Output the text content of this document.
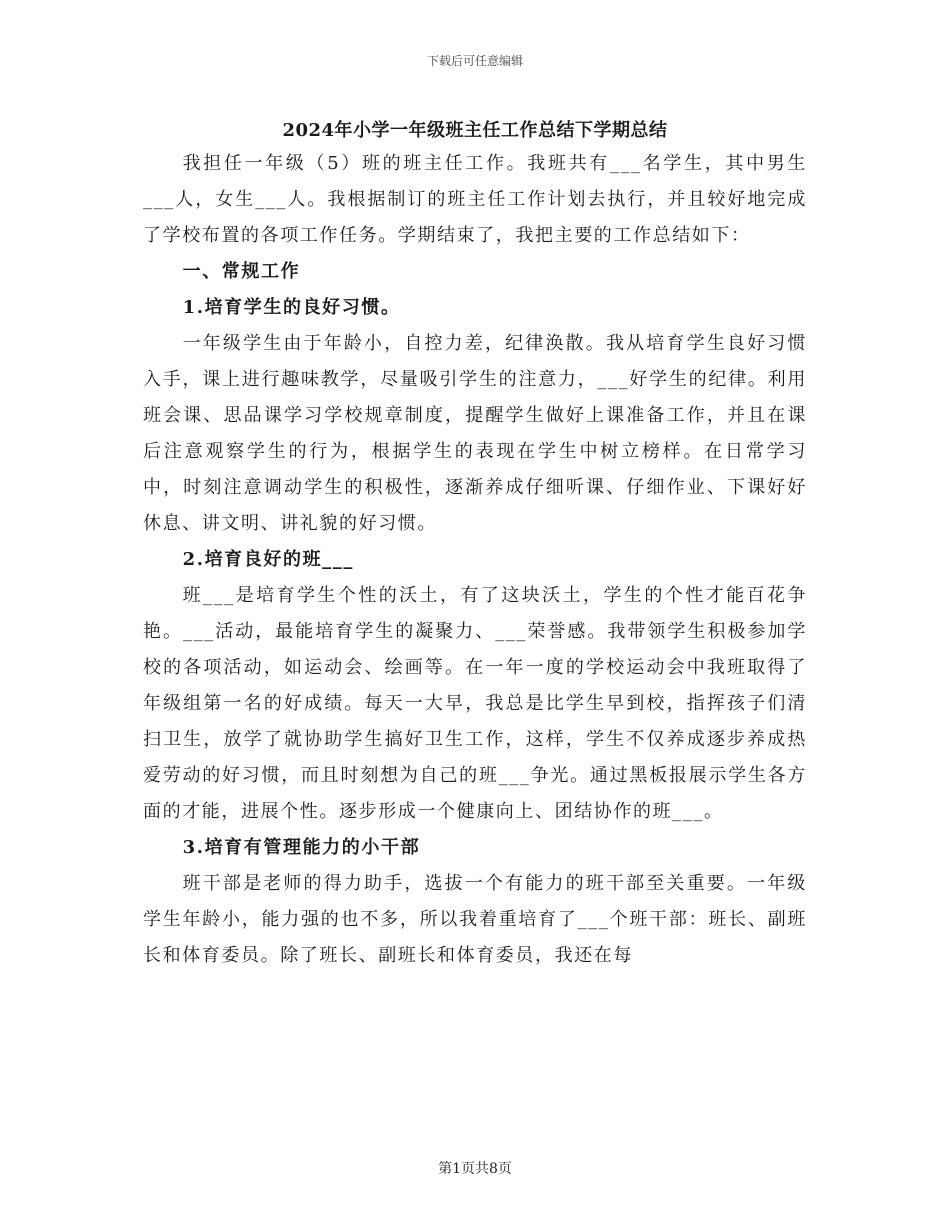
下载后可任意编辑
2024年小学一年级班主任工作总结下学期总结

我担任一年级（5）班的班主任工作。我班共有___名学生，其中男生___人，女生___人。我根据制订的班主任工作计划去执行，并且较好地完成了学校布置的各项工作任务。学期结束了，我把主要的工作总结如下：

一、常规工作

1.培育学生的良好习惯。

一年级学生由于年龄小，自控力差，纪律涣散。我从培育学生良好习惯入手，课上进行趣味教学，尽量吸引学生的注意力，___好学生的纪律。利用班会课、思品课学习学校规章制度，提醒学生做好上课准备工作，并且在课后注意观察学生的行为，根据学生的表现在学生中树立榜样。在日常学习中，时刻注意调动学生的积极性，逐渐养成仔细听课、仔细作业、下课好好休息、讲文明、讲礼貌的好习惯。

2.培育良好的班___

班___是培育学生个性的沃土，有了这块沃土，学生的个性才能百花争艳。___活动，最能培育学生的凝聚力、___荣誉感。我带领学生积极参加学校的各项活动，如运动会、绘画等。在一年一度的学校运动会中我班取得了年级组第一名的好成绩。每天一大早，我总是比学生早到校，指挥孩子们清扫卫生，放学了就协助学生搞好卫生工作，这样，学生不仅养成逐步养成热爱劳动的好习惯，而且时刻想为自己的班___争光。通过黑板报展示学生各方面的才能，进展个性。逐步形成一个健康向上、团结协作的班___。

3.培育有管理能力的小干部

班干部是老师的得力助手，选拔一个有能力的班干部至关重要。一年级学生年龄小，能力强的也不多，所以我着重培育了___个班干部：班长、副班长和体育委员。除了班长、副班长和体育委员，我还在每

第1页共8页
